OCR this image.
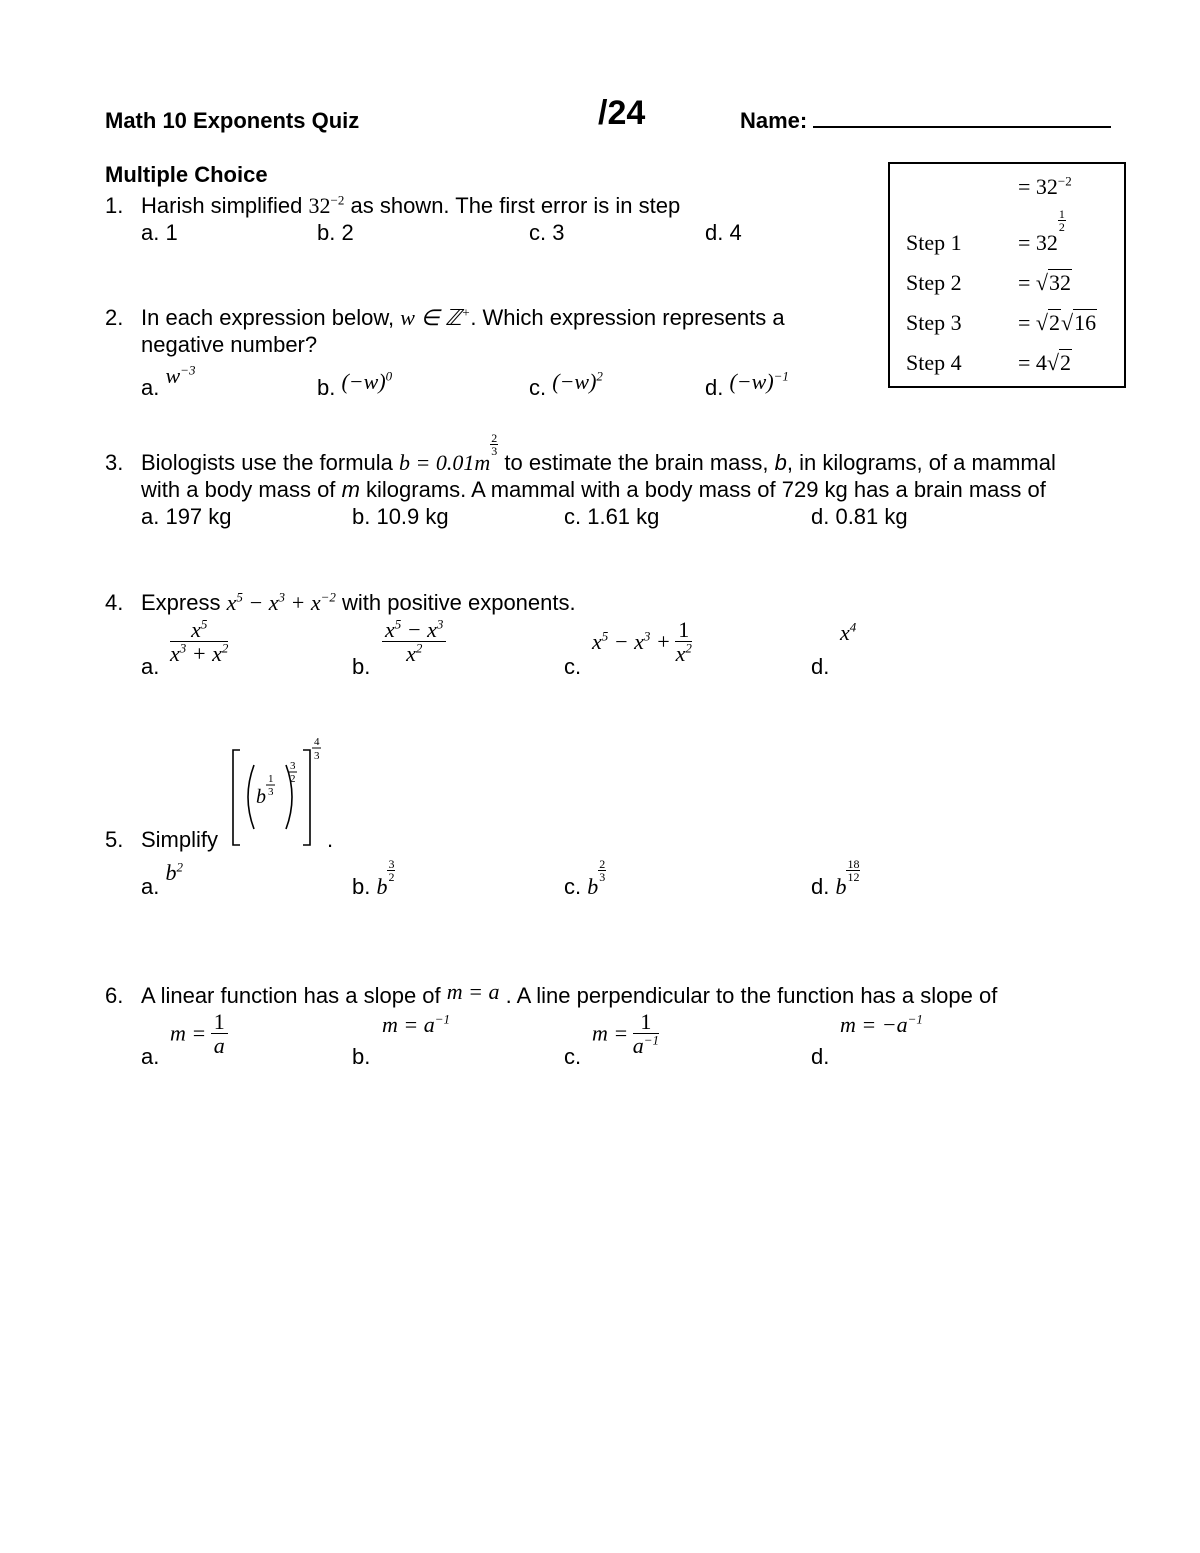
Math 10 Exponents Quiz	/24	Name:
Multiple Choice	= $32^{-2}$
Step 1	= 32
$\frac{1}{2}$
Step 2	= √32
Step 3	= √2√16
Step 4	= 4√2
1. Harish simplified $32^{-2}$ as shown. The first error is in step
a. 1	b. 2	c. 3	d. 4
2. In each expression below, w ∈ ℤ+. Which expression represents a
negative number?
a. $w^{-3}$
b. $(-w)^0$	c. $(-w)^2$	d. $(-w)^{-1}$
3. Biologists use the formula b = 0.01m
$\frac{2}{3}$
to estimate the brain mass, b, in kilograms, of a mammal
with a body mass of m kilograms. A mammal with a body mass of 729 kg has a brain mass of
a. 197 kg	b. 10.9 kg	c. 1.61 kg	d. 0.81 kg
4. Express $x^5 - x^3 + x^{-2}$ with positive exponents.
a.
$\frac{x^5}{x^3 + x^2}$
b.
$\frac{x^5 - x^3}{x^2}$
c.
$x^5 - x^3 + \frac{1}{x^2}$
d.
$x^4$
5. Simplify
b
1
3
3
2
4
3
.
a. $b^2$
b. b
$\frac{3}{2}$
c. b
$\frac{2}{3}$
d. b
$\frac{18}{12}$
6. A linear function has a slope of m = a . A line perpendicular to the function has a slope of
a.
$m = \frac{1}{a}$	b.
$m = a^{-1}$
c.
$m = \frac{1}{a^{-1}}$	d.
$m = -a^{-1}$
